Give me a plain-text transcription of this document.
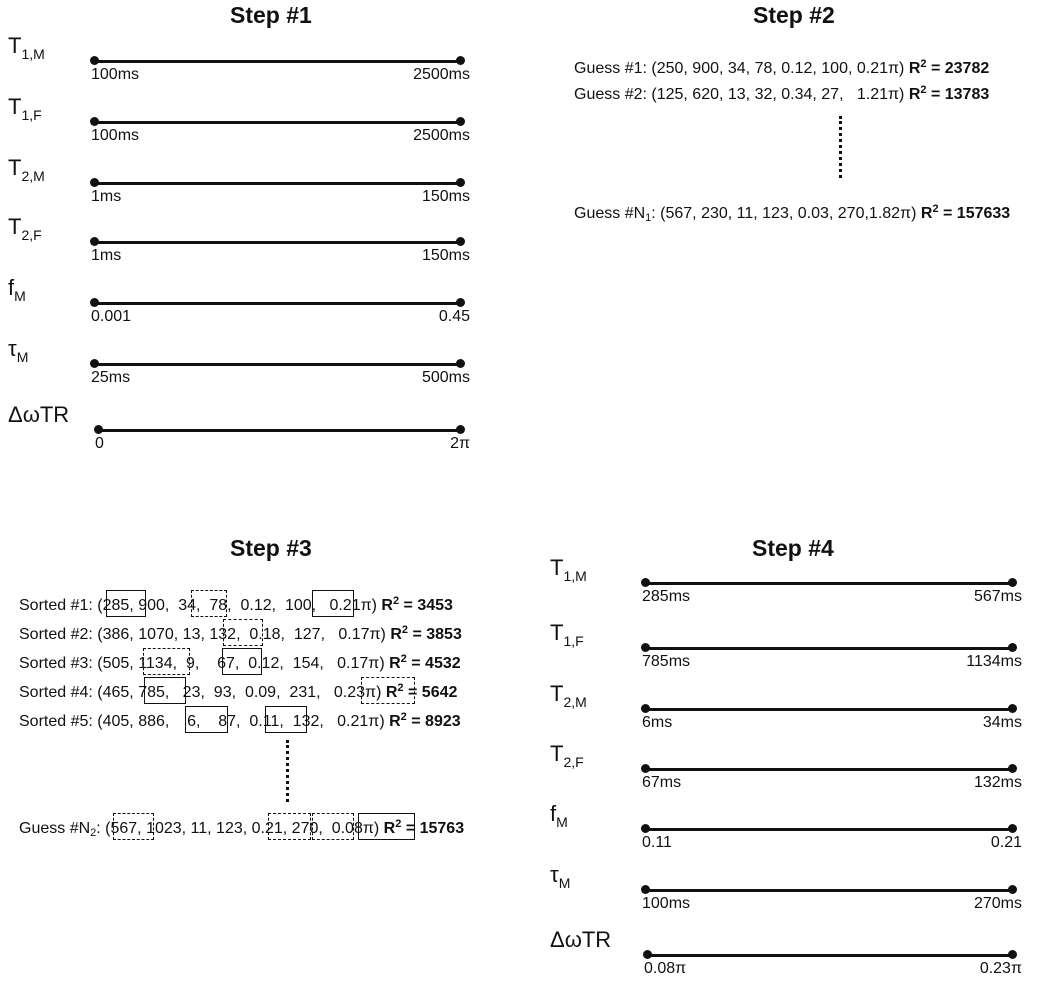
Step #1
$T_{1,M}$
100ms	2500ms
$T_{1,F}$
100ms	2500ms
$T_{2,M}$
1ms	150ms
$T_{2,F}$
1ms	150ms
$f_M$
0.001	0.45
$\tau_M$
25ms	500ms
ΔωTR
0	2π
Step #2
Guess #1: (250, 900, 34, 78, 0.12, 100, 0.21π) $R^2 = 23782$
Guess #2: (125, 620, 13, 32, 0.34, 27,   1.21π) $R^2 = 13783$
Guess $\#N_1$: (567, 230, 11, 123, 0.03, 270,1.82π) $R^2 = 157633$
Step #3
Sorted #1: (285, 900,  34,  78,  0.12,  100,   0.21π) $R^2 = 3453$
Sorted #2: (386, 1070, 13, 132,  0.18,  127,   0.17π) $R^2 = 3853$
Sorted #3: (505, 1134,  9,    67,  0.12,  154,   0.17π) $R^2 = 4532$
Sorted #4: (465, 785,   23,  93,  0.09,  231,   0.23π) $R^2 = 5642$
Sorted #5: (405, 886,    6,    87,  0.11,  132,   0.21π) $R^2 = 8923$
Guess $\#N_2$: (567, 1023, 11, 123, 0.21, 270,  0.08π) $R^2 = 15763$
Step #4
$T_{1,M}$
285ms	567ms
$T_{1,F}$
785ms	1134ms
$T_{2,M}$
6ms	34ms
$T_{2,F}$
67ms	132ms
$f_M$
0.11	0.21
$\tau_M$
100ms	270ms
ΔωTR
0.08π	0.23π
